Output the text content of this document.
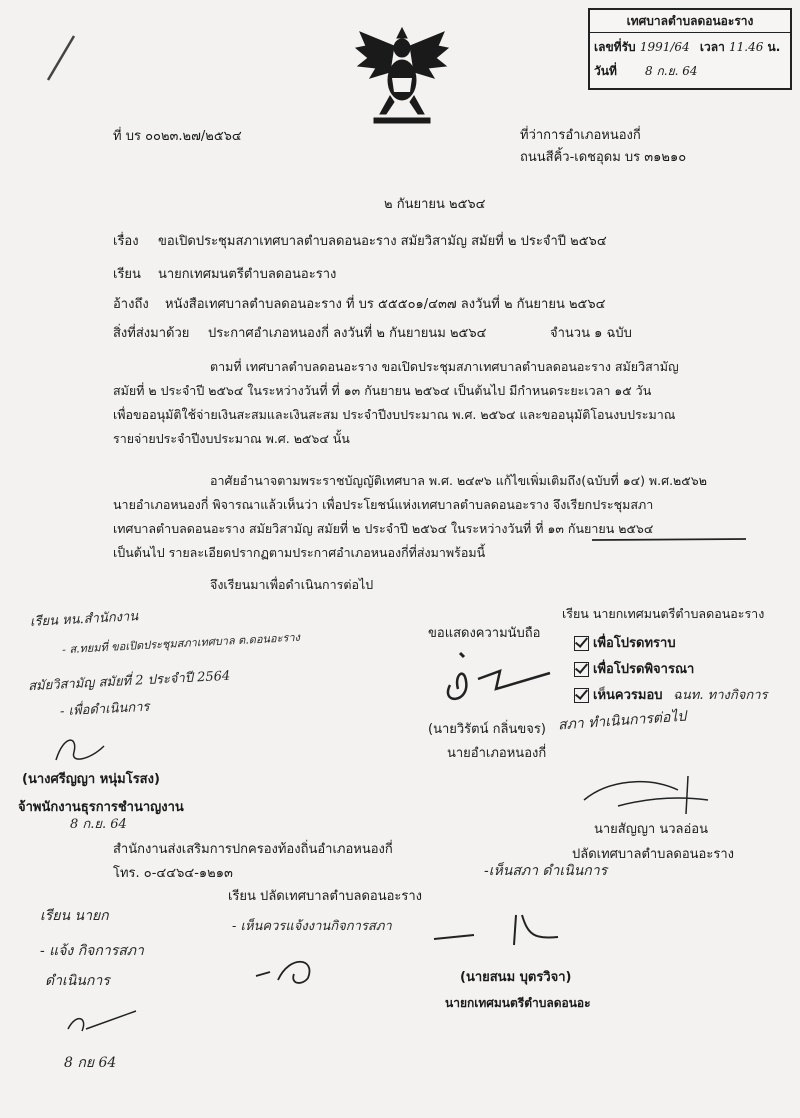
เทศบาลตำบลดอนอะราง
เลขที่รับ 1991/64 เวลา 11.46 น.
วันที่ 8 ก.ย. 64
ที่ บร ๐๐๒๓.๒๗/๒๕๖๔	ที่ว่าการอำเภอหนองกี่
ถนนสีคิ้ว-เดชอุดม บร ๓๑๒๑๐
๒ กันยายน ๒๕๖๔
เรื่อง ขอเปิดประชุมสภาเทศบาลตำบลดอนอะราง สมัยวิสามัญ สมัยที่ ๒ ประจำปี ๒๕๖๔
เรียน นายกเทศมนตรีตำบลดอนอะราง
อ้างถึง หนังสือเทศบาลตำบลดอนอะราง ที่ บร ๕๕๕๐๑/๔๓๗ ลงวันที่ ๒ กันยายน ๒๕๖๔
สิ่งที่ส่งมาด้วย ประกาศอำเภอหนองกี่ ลงวันที่ ๒ กันยายนม ๒๕๖๔	จำนวน ๑ ฉบับ
ตามที่ เทศบาลตำบลดอนอะราง ขอเปิดประชุมสภาเทศบาลตำบลดอนอะราง สมัยวิสามัญ
สมัยที่ ๒ ประจำปี ๒๕๖๔ ในระหว่างวันที่ ที่ ๑๓ กันยายน ๒๕๖๔ เป็นต้นไป มีกำหนดระยะเวลา ๑๕ วัน
เพื่อขออนุมัติใช้จ่ายเงินสะสมและเงินสะสม ประจำปีงบประมาณ พ.ศ. ๒๕๖๔ และขออนุมัติโอนงบประมาณ
รายจ่ายประจำปีงบประมาณ พ.ศ. ๒๕๖๔ นั้น
อาศัยอำนาจตามพระราชบัญญัติเทศบาล พ.ศ. ๒๔๙๖ แก้ไขเพิ่มเติมถึง(ฉบับที่ ๑๔) พ.ศ.๒๕๖๒
นายอำเภอหนองกี่ พิจารณาแล้วเห็นว่า เพื่อประโยชน์แห่งเทศบาลตำบลดอนอะราง จึงเรียกประชุมสภา
เทศบาลตำบลดอนอะราง สมัยวิสามัญ สมัยที่ ๒ ประจำปี ๒๕๖๔ ในระหว่างวันที่ ที่ ๑๓ กันยายน ๒๕๖๔
เป็นต้นไป รายละเอียดปรากฏตามประกาศอำเภอหนองกี่ที่ส่งมาพร้อมนี้
จึงเรียนมาเพื่อดำเนินการต่อไป
เรียน หน.สำนักงาน
- ส.ทยมที่ ขอเปิดประชุมสภาเทศบาล ต.ดอนอะราง
สมัยวิสามัญ สมัยที่ 2 ประจำปี 2564
- เพื่อดำเนินการ
(นางศรีญญา หนุ่มโรสง)
จ้าพนักงานธุรการชำนาญงาน
8 ก.ย. 64
สำนักงานส่งเสริมการปกครองท้องถิ่นอำเภอหนองกี่
โทร. ๐-๔๔๖๔-๑๒๑๓
เรียน ปลัดเทศบาลตำบลดอนอะราง
- เห็นควรแจ้งงานกิจการสภา
เรียน นายก
- แจ้ง กิจการสภา
ดำเนินการ
8 กย 64
ขอแสดงความนับถือ
(นายวิรัตน์ กลิ่นขจร)
นายอำเภอหนองกี่
เรียน นายกเทศมนตรีตำบลดอนอะราง
เพื่อโปรดทราบ
เพื่อโปรดพิจารณา
เห็นควรมอบ ฉนท. ทางกิจการ
สภา ทำเนินการต่อไป
นายสัญญา นวลอ่อน
ปลัดเทศบาลตำบลดอนอะราง
-เห็นสภา ดำเนินการ
(นายสนม บุตรวิจา)
นายกเทศมนตรีตำบลดอนอะ
